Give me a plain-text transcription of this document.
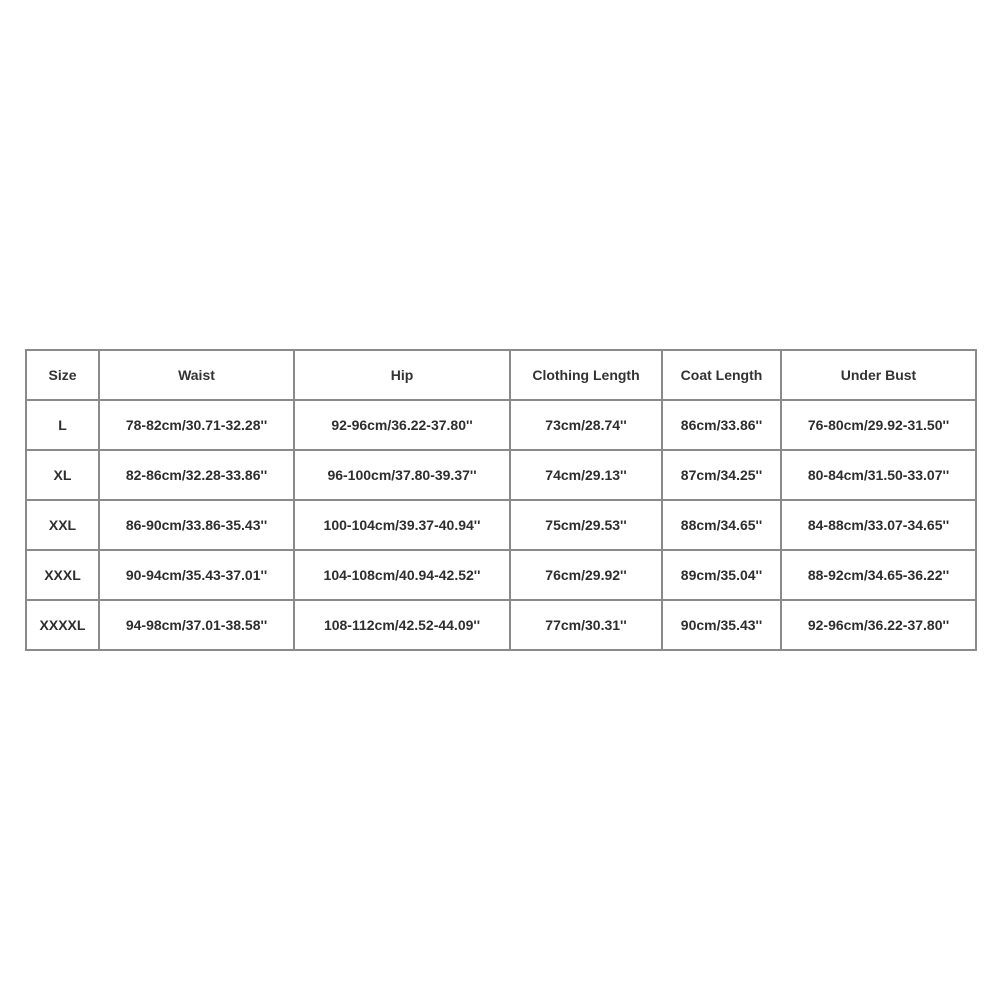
Size	Waist	Hip	Clothing Length	Coat Length	Under Bust
L	78-82cm/30.71-32.28''	92-96cm/36.22-37.80''	73cm/28.74''	86cm/33.86''	76-80cm/29.92-31.50''
XL	82-86cm/32.28-33.86''	96-100cm/37.80-39.37''	74cm/29.13''	87cm/34.25''	80-84cm/31.50-33.07''
XXL	86-90cm/33.86-35.43''	100-104cm/39.37-40.94''	75cm/29.53''	88cm/34.65''	84-88cm/33.07-34.65''
XXXL	90-94cm/35.43-37.01''	104-108cm/40.94-42.52''	76cm/29.92''	89cm/35.04''	88-92cm/34.65-36.22''
XXXXL	94-98cm/37.01-38.58''	108-112cm/42.52-44.09''	77cm/30.31''	90cm/35.43''	92-96cm/36.22-37.80''
